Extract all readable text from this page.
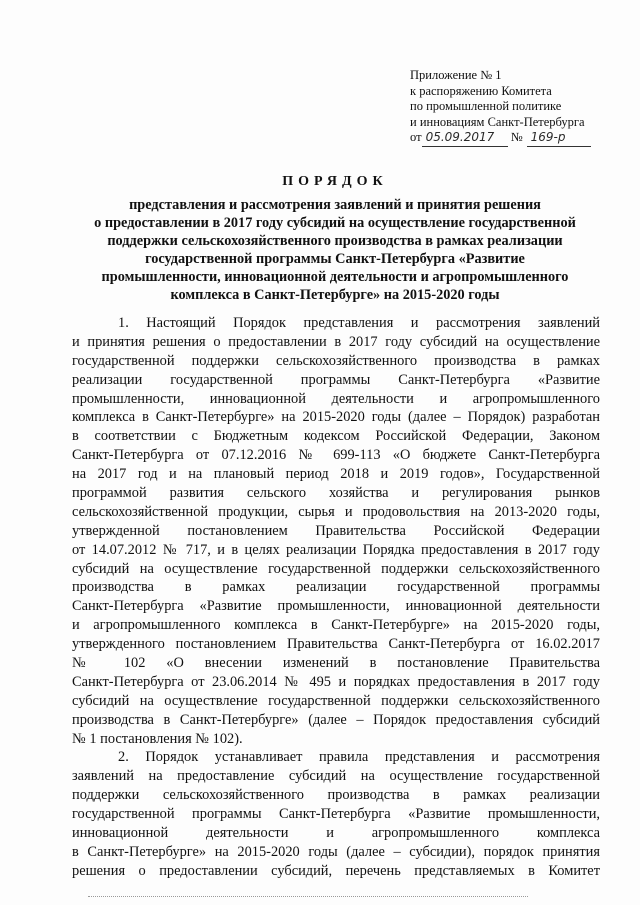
Приложение № 1
к распоряжению Комитета
по промышленной политике
и инновациям Санкт-Петербурга
от 05.09.2017 № 169-р
ПОРЯДОК
представления и рассмотрения заявлений и принятия решения
о предоставлении в 2017 году субсидий на осуществление государственной
поддержки сельскохозяйственного производства в рамках реализации
государственной программы Санкт-Петербурга «Развитие
промышленности, инновационной деятельности и агропромышленного
комплекса в Санкт-Петербурге» на 2015-2020 годы
1. Настоящий Порядок представления и рассмотрения заявлений
и принятия решения о предоставлении в 2017 году субсидий на осуществление
государственной поддержки сельскохозяйственного производства в рамках
реализации государственной программы Санкт-Петербурга «Развитие
промышленности, инновационной деятельности и агропромышленного
комплекса в Санкт-Петербурге» на 2015-2020 годы (далее – Порядок) разработан
в соответствии с Бюджетным кодексом Российской Федерации, Законом
Санкт-Петербурга от 07.12.2016 № 699-113 «О бюджете Санкт-Петербурга
на 2017 год и на плановый период 2018 и 2019 годов», Государственной
программой развития сельского хозяйства и регулирования рынков
сельскохозяйственной продукции, сырья и продовольствия на 2013-2020 годы,
утвержденной постановлением Правительства Российской Федерации
от 14.07.2012 № 717, и в целях реализации Порядка предоставления в 2017 году
субсидий на осуществление государственной поддержки сельскохозяйственного
производства в рамках реализации государственной программы
Санкт-Петербурга «Развитие промышленности, инновационной деятельности
и агропромышленного комплекса в Санкт-Петербурге» на 2015-2020 годы,
утвержденного постановлением Правительства Санкт-Петербурга от 16.02.2017
№ 102 «О внесении изменений в постановление Правительства
Санкт-Петербурга от 23.06.2014 № 495 и порядках предоставления в 2017 году
субсидий на осуществление государственной поддержки сельскохозяйственного
производства в Санкт-Петербурге» (далее – Порядок предоставления субсидий
№ 1 постановления № 102).
2. Порядок устанавливает правила представления и рассмотрения
заявлений на предоставление субсидий на осуществление государственной
поддержки сельскохозяйственного производства в рамках реализации
государственной программы Санкт-Петербурга «Развитие промышленности,
инновационной деятельности и агропромышленного комплекса
в Санкт-Петербурге» на 2015-2020 годы (далее – субсидии), порядок принятия
решения о предоставлении субсидий, перечень представляемых в Комитет
